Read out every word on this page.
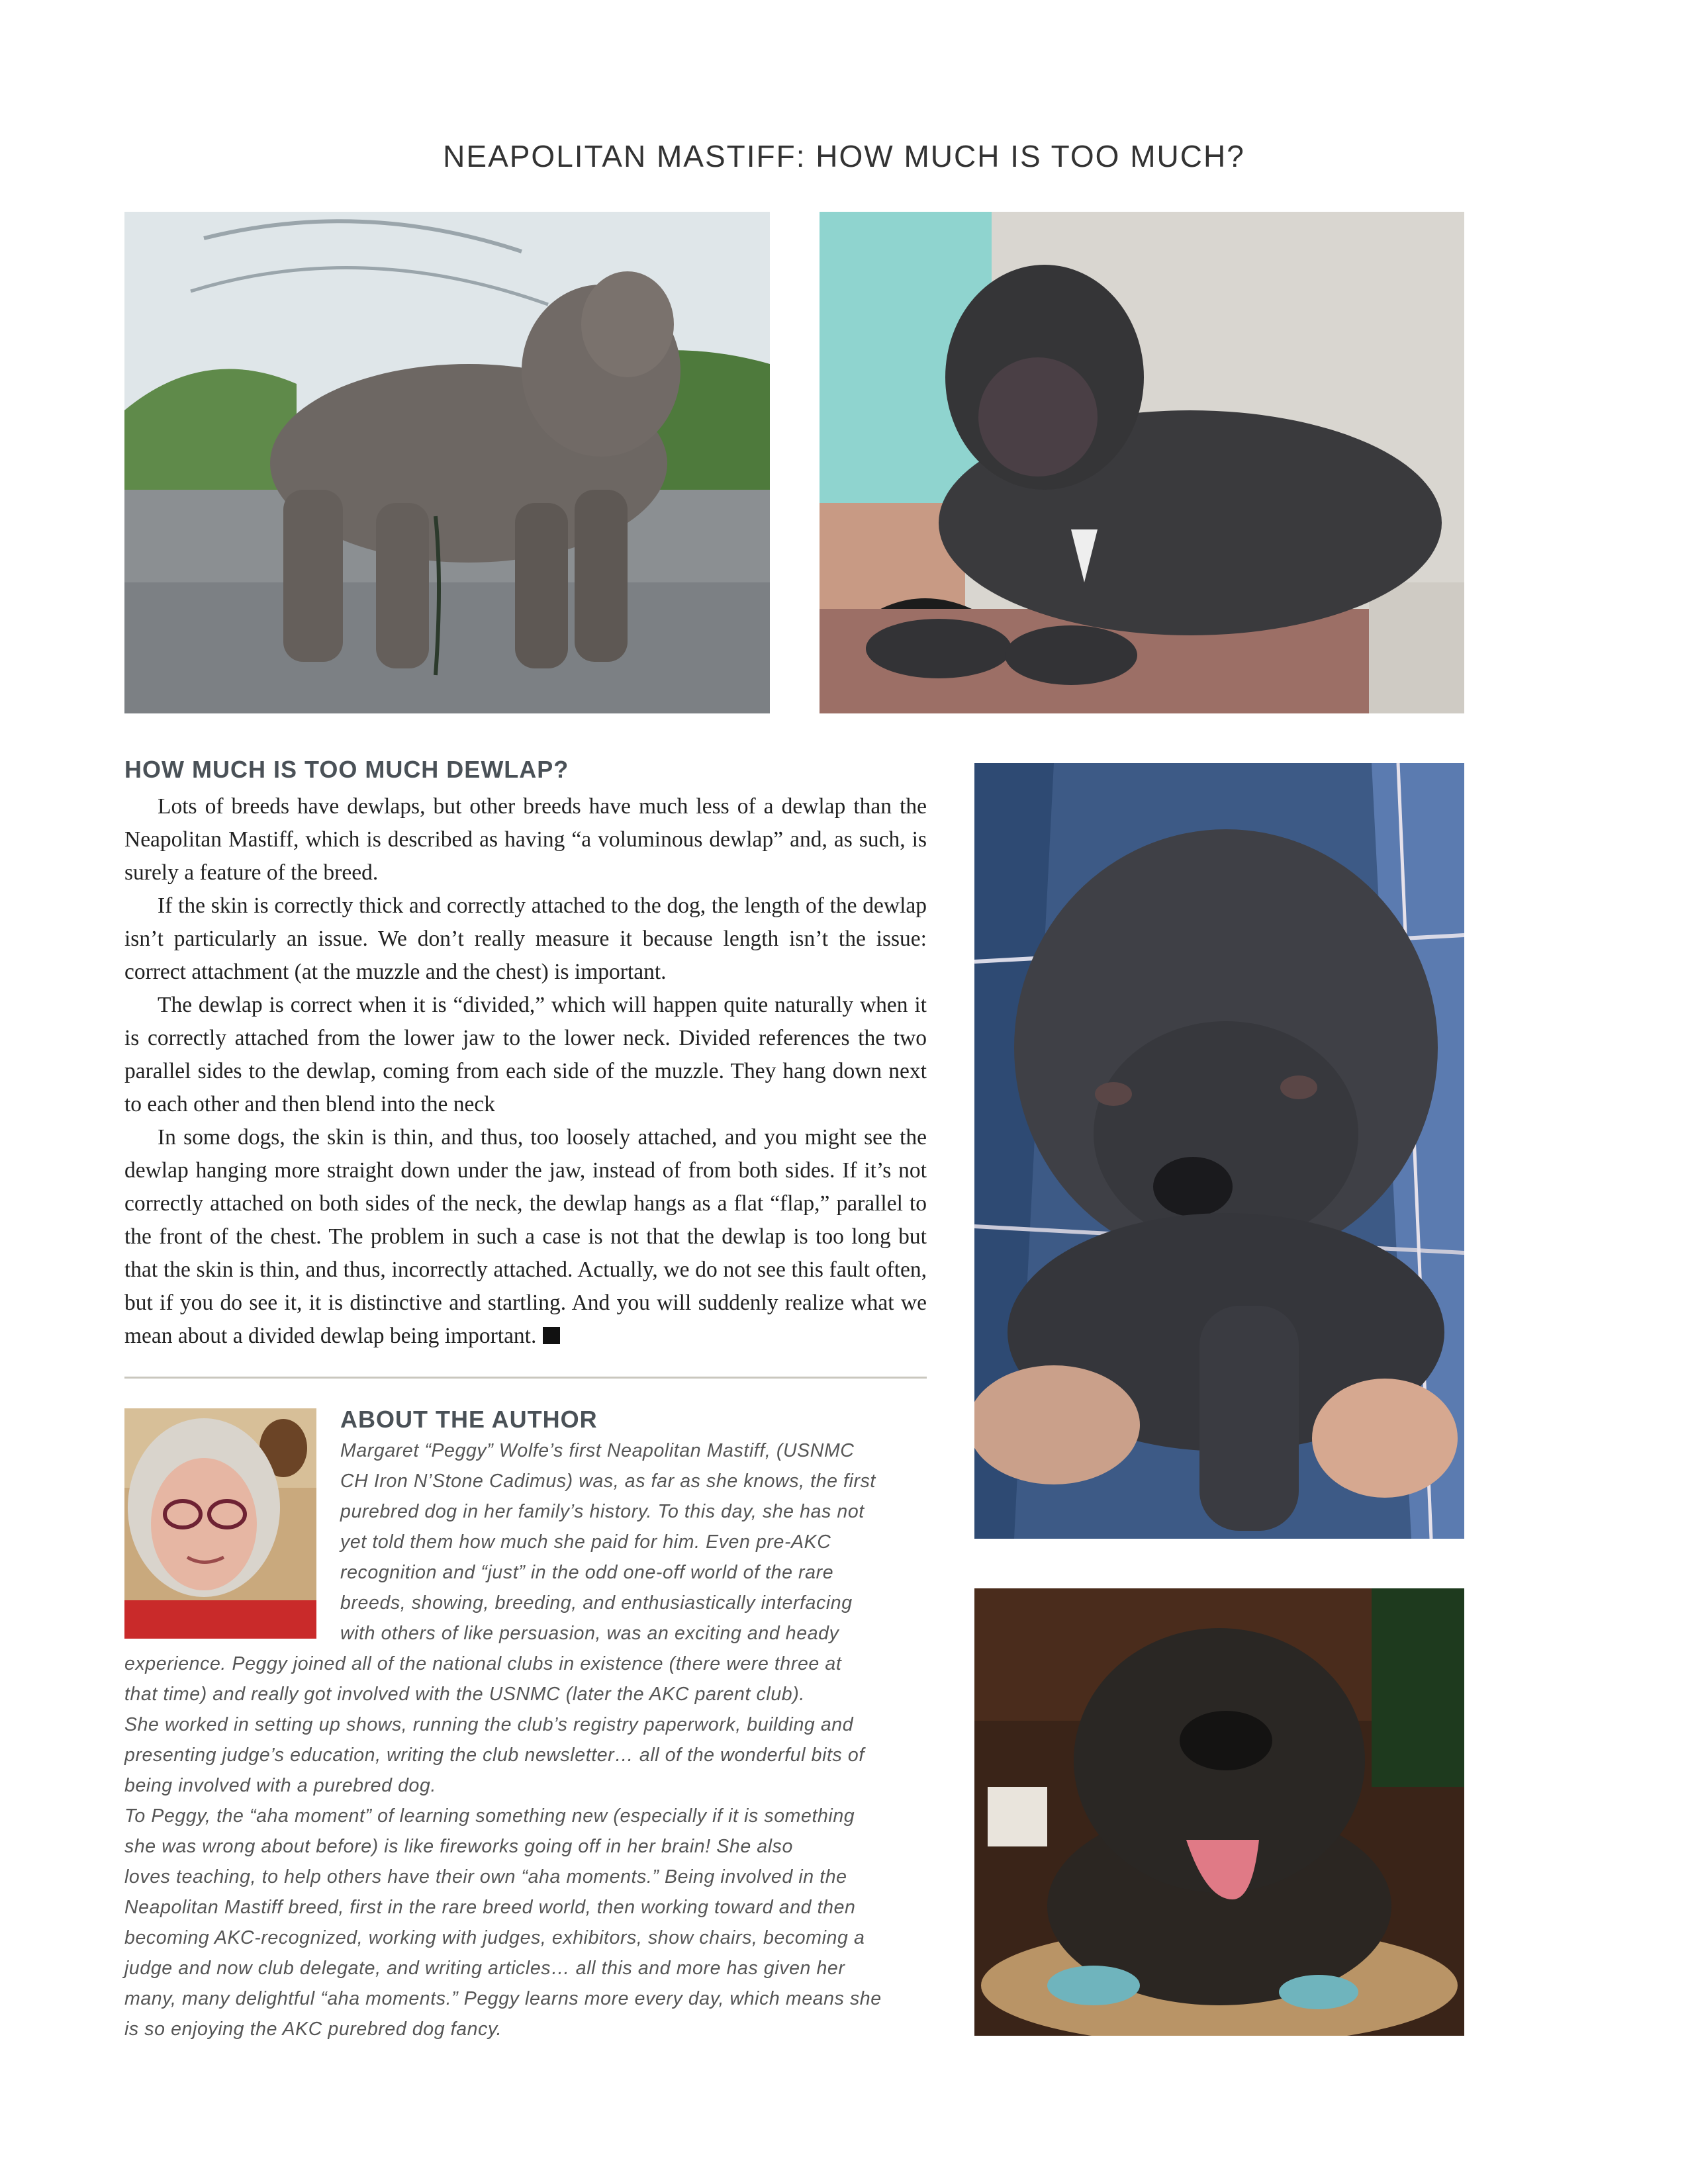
NEAPOLITAN MASTIFF: HOW MUCH IS TOO MUCH?
HOW MUCH IS TOO MUCH DEWLAP?

Lots of breeds have dewlaps, but other breeds have much less of a dewlap than the Neapolitan Mastiff, which is described as having “a voluminous dewlap” and, as such, is surely a feature of the breed.

If the skin is correctly thick and correctly attached to the dog, the length of the dewlap isn’t particularly an issue. We don’t really measure it because length isn’t the issue: correct attachment (at the muzzle and the chest) is important.

The dewlap is correct when it is “divided,” which will happen quite naturally when it is correctly attached from the lower jaw to the lower neck. Divided references the two parallel sides to the dewlap, coming from each side of the muzzle. They hang down next to each other and then blend into the neck

In some dogs, the skin is thin, and thus, too loosely attached, and you might see the dewlap hanging more straight down under the jaw, instead of from both sides. If it’s not correctly attached on both sides of the neck, the dewlap hangs as a flat “flap,” parallel to the front of the chest. The problem in such a case is not that the dewlap is too long but that the skin is thin, and thus, incorrectly attached. Actually, we do not see this fault often, but if you do see it, it is distinctive and startling. And you will suddenly realize what we mean about a divided dewlap being important.

ABOUT THE AUTHOR
Margaret “Peggy” Wolfe’s first Neapolitan Mastiff, (USNMC
CH Iron N’Stone Cadimus) was, as far as she knows, the first
purebred dog in her family’s history. To this day, she has not
yet told them how much she paid for him. Even pre-AKC
recognition and “just” in the odd one-off world of the rare
breeds, showing, breeding, and enthusiastically interfacing
with others of like persuasion, was an exciting and heady
experience. Peggy joined all of the national clubs in existence (there were three at
that time) and really got involved with the USNMC (later the AKC parent club).
She worked in setting up shows, running the club’s registry paperwork, building and
presenting judge’s education, writing the club newsletter… all of the wonderful bits of
being involved with a purebred dog.
To Peggy, the “aha moment” of learning something new (especially if it is something
she was wrong about before) is like fireworks going off in her brain! She also
loves teaching, to help others have their own “aha moments.” Being involved in the
Neapolitan Mastiff breed, first in the rare breed world, then working toward and then
becoming AKC-recognized, working with judges, exhibitors, show chairs, becoming a
judge and now club delegate, and writing articles… all this and more has given her
many, many delightful “aha moments.” Peggy learns more every day, which means she
is so enjoying the AKC purebred dog fancy.
